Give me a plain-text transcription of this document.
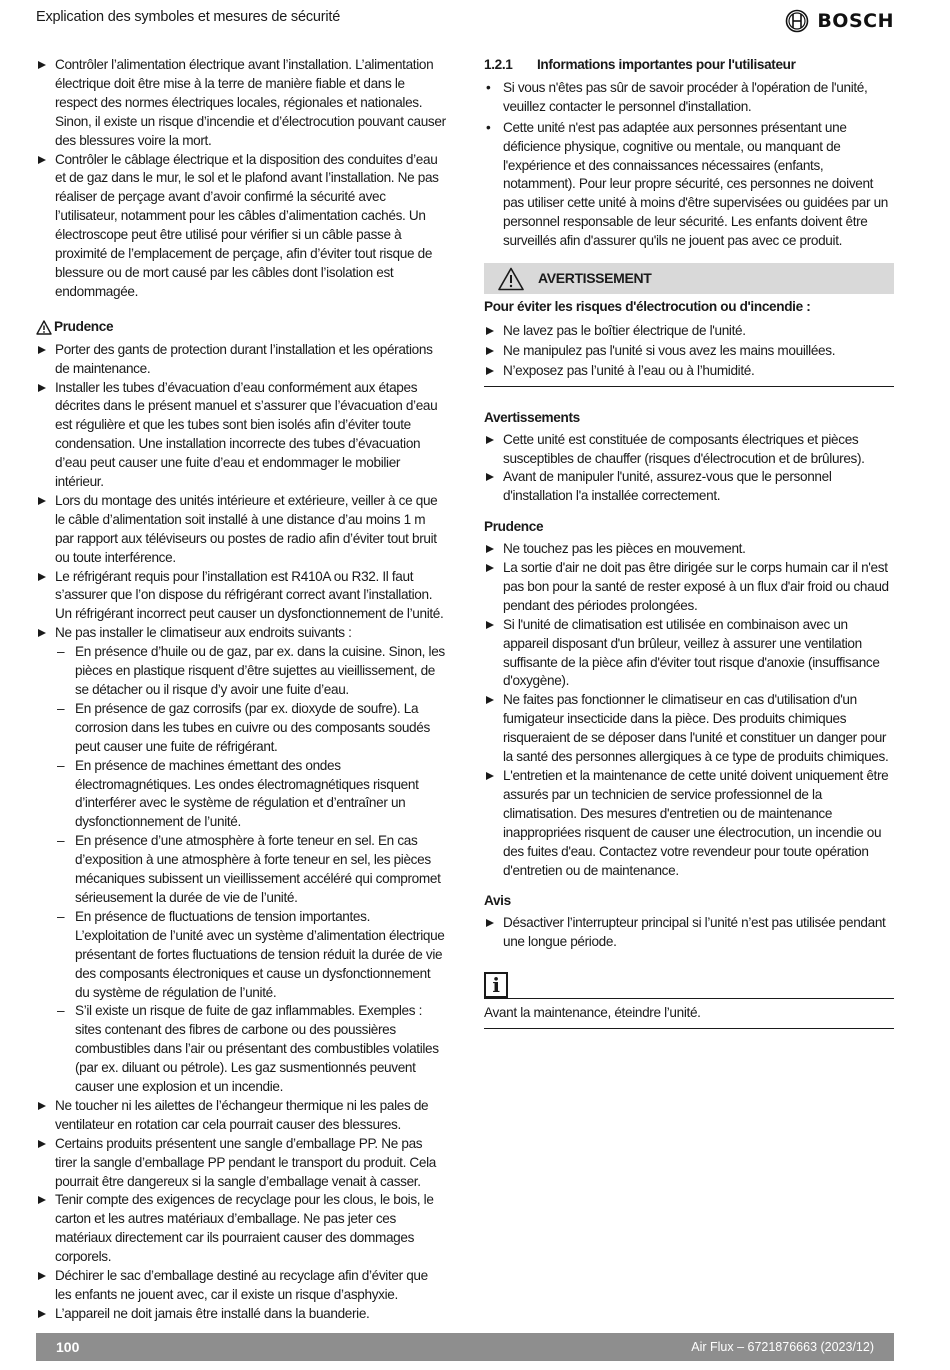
Explication des symboles et mesures de sécurité	BOSCH
Contrôler l’alimentation électrique avant l’installation. L’alimentation électrique doit être mise à la terre de manière fiable et dans le respect des normes électriques locales, régionales et nationales. Sinon, il existe un risque d’incendie et d’électrocution pouvant causer des blessures voire la mort.
Contrôler le câblage électrique et la disposition des conduites d’eau et de gaz dans le mur, le sol et le plafond avant l’installation. Ne pas réaliser de perçage avant d’avoir confirmé la sécurité avec l’utilisateur, notamment pour les câbles d’alimentation cachés. Un électroscope peut être utilisé pour vérifier si un câble passe à proximité de l’emplacement de perçage, afin d’éviter tout risque de blessure ou de mort causé par les câbles dont l’isolation est endommagée.
Prudence
Porter des gants de protection durant l’installation et les opérations de maintenance.
Installer les tubes d’évacuation d’eau conformément aux étapes décrites dans le présent manuel et s’assurer que l’évacuation d’eau est régulière et que les tubes sont bien isolés afin d’éviter toute condensation. Une installation incorrecte des tubes d’évacuation d’eau peut causer une fuite d’eau et endommager le mobilier intérieur.
Lors du montage des unités intérieure et extérieure, veiller à ce que le câble d’alimentation soit installé à une distance d’au moins 1 m par rapport aux téléviseurs ou postes de radio afin d’éviter tout bruit ou toute interférence.
Le réfrigérant requis pour l’installation est R410A ou R32. Il faut s’assurer que l’on dispose du réfrigérant correct avant l’installation. Un réfrigérant incorrect peut causer un dysfonctionnement de l’unité.
Ne pas installer le climatiseur aux endroits suivants :
– En présence d’huile ou de gaz, par ex. dans la cuisine. Sinon, les pièces en plastique risquent d’être sujettes au vieillissement, de se détacher ou il risque d’y avoir une fuite d’eau.
– En présence de gaz corrosifs (par ex. dioxyde de soufre). La corrosion dans les tubes en cuivre ou des composants soudés peut causer une fuite de réfrigérant.
– En présence de machines émettant des ondes électromagnétiques. Les ondes électromagnétiques risquent d’interférer avec le système de régulation et d’entraîner un dysfonctionnement de l’unité.
– En présence d’une atmosphère à forte teneur en sel. En cas d’exposition à une atmosphère à forte teneur en sel, les pièces mécaniques subissent un vieillissement accéléré qui compromet sérieusement la durée de vie de l’unité.
– En présence de fluctuations de tension importantes. L’exploitation de l’unité avec un système d’alimentation électrique présentant de fortes fluctuations de tension réduit la durée de vie des composants électroniques et cause un dysfonctionnement du système de régulation de l’unité.
– S’il existe un risque de fuite de gaz inflammables. Exemples : sites contenant des fibres de carbone ou des poussières combustibles dans l’air ou présentant des combustibles volatiles (par ex. diluant ou pétrole). Les gaz susmentionnés peuvent causer une explosion et un incendie.
Ne toucher ni les ailettes de l’échangeur thermique ni les pales de ventilateur en rotation car cela pourrait causer des blessures.
Certains produits présentent une sangle d’emballage PP. Ne pas tirer la sangle d’emballage PP pendant le transport du produit. Cela pourrait être dangereux si la sangle d’emballage venait à casser.
Tenir compte des exigences de recyclage pour les clous, le bois, le carton et les autres matériaux d’emballage. Ne pas jeter ces matériaux directement car ils pourraient causer des dommages corporels.
Déchirer le sac d’emballage destiné au recyclage afin d’éviter que les enfants ne jouent avec, car il existe un risque d’asphyxie.
L’appareil ne doit jamais être installé dans la buanderie.
1.2.1	Informations importantes pour l'utilisateur
• Si vous n'êtes pas sûr de savoir procéder à l'opération de l'unité, veuillez contacter le personnel d'installation.
• Cette unité n'est pas adaptée aux personnes présentant une déficience physique, cognitive ou mentale, ou manquant de l'expérience et des connaissances nécessaires (enfants, notamment). Pour leur propre sécurité, ces personnes ne doivent pas utiliser cette unité à moins d'être supervisées ou guidées par un personnel responsable de leur sécurité. Les enfants doivent être surveillés afin d'assurer qu'ils ne jouent pas avec ce produit.
AVERTISSEMENT
Pour éviter les risques d'électrocution ou d'incendie :
Ne lavez pas le boîtier électrique de l'unité.
Ne manipulez pas l'unité si vous avez les mains mouillées.
N’exposez pas l’unité à l’eau ou à l’humidité.
Avertissements
Cette unité est constituée de composants électriques et pièces susceptibles de chauffer (risques d'électrocution et de brûlures).
Avant de manipuler l'unité, assurez-vous que le personnel d'installation l'a installée correctement.
Prudence
Ne touchez pas les pièces en mouvement.
La sortie d'air ne doit pas être dirigée sur le corps humain car il n'est pas bon pour la santé de rester exposé à un flux d'air froid ou chaud pendant des périodes prolongées.
Si l'unité de climatisation est utilisée en combinaison avec un appareil disposant d'un brûleur, veillez à assurer une ventilation suffisante de la pièce afin d'éviter tout risque d'anoxie (insuffisance d'oxygène).
Ne faites pas fonctionner le climatiseur en cas d'utilisation d'un fumigateur insecticide dans la pièce. Des produits chimiques risqueraient de se déposer dans l'unité et constituer un danger pour la santé des personnes allergiques à ce type de produits chimiques.
L'entretien et la maintenance de cette unité doivent uniquement être assurés par un technicien de service professionnel de la climatisation. Des mesures d'entretien ou de maintenance inappropriées risquent de causer une électrocution, un incendie ou des fuites d'eau. Contactez votre revendeur pour toute opération d'entretien ou de maintenance.
Avis
Désactiver l’interrupteur principal si l’unité n’est pas utilisée pendant une longue période.
i
Avant la maintenance, éteindre l’unité.
100	Air Flux – 6721876663 (2023/12)
